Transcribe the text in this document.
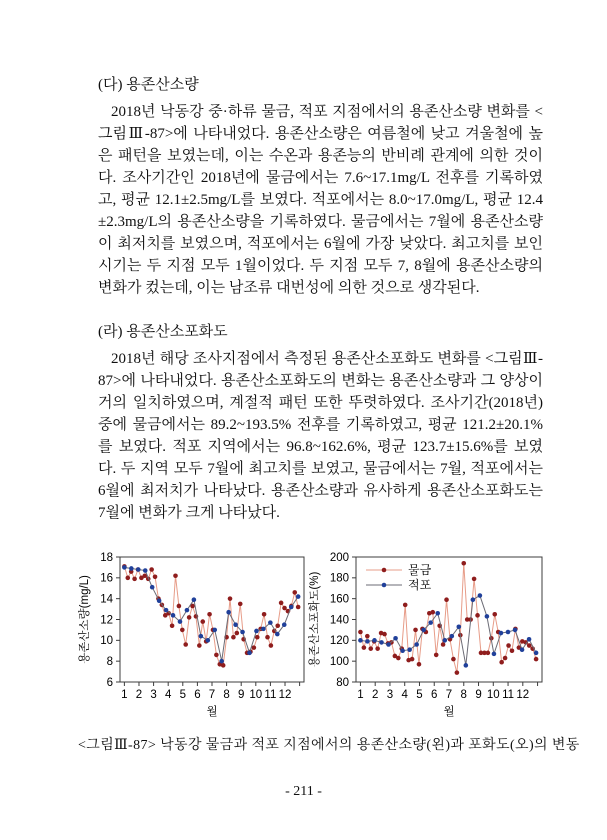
(다) 용존산소량

2018년 낙동강 중·하류 물금, 적포 지점에서의 용존산소량 변화를 <그림Ⅲ-87>에 나타내었다. 용존산소량은 여름철에 낮고 겨울철에 높은 패턴을 보였는데, 이는 수온과 용존능의 반비례 관계에 의한 것이다. 조사기간인 2018년에 물금에서는 7.6~17.1mg/L 전후를 기록하였고, 평균 12.1±2.5mg/L를 보였다. 적포에서는 8.0~17.0mg/L, 평균 12.4±2.3mg/L의 용존산소량을 기록하였다. 물금에서는 7월에 용존산소량이 최저치를 보였으며, 적포에서는 6월에 가장 낮았다. 최고치를 보인 시기는 두 지점 모두 1월이었다. 두 지점 모두 7, 8월에 용존산소량의 변화가 컸는데, 이는 남조류 대번성에 의한 것으로 생각된다.

(라) 용존산소포화도

2018년 해당 조사지점에서 측정된 용존산소포화도 변화를 <그림Ⅲ-87>에 나타내었다. 용존산소포화도의 변화는 용존산소량과 그 양상이 거의 일치하였으며, 계절적 패턴 또한 뚜렷하였다. 조사기간(2018년) 중에 물금에서는 89.2~193.5% 전후를 기록하였고, 평균 121.2±20.1%를 보였다. 적포 지역에서는 96.8~162.6%, 평균 123.7±15.6%를 보였다. 두 지역 모두 7월에 최고치를 보였고, 물금에서는 7월, 적포에서는 6월에 최저치가 나타났다. 용존산소량과 유사하게 용존산소포화도는 7월에 변화가 크게 나타났다.

6
8
10
12
14
16
18
1 2 3 4 5 6 7 8 9 10 11 12
월
용존산소량(mg/L)
80
100
120
140
160
180
200
1 2 3 4 5 6 7 8 9 10 11 12
월
용존산소포화도(%)
물금
적포

<그림Ⅲ-87> 낙동강 물금과 적포 지점에서의 용존산소량(왼)과 포화도(오)의 변동

- 211 -
